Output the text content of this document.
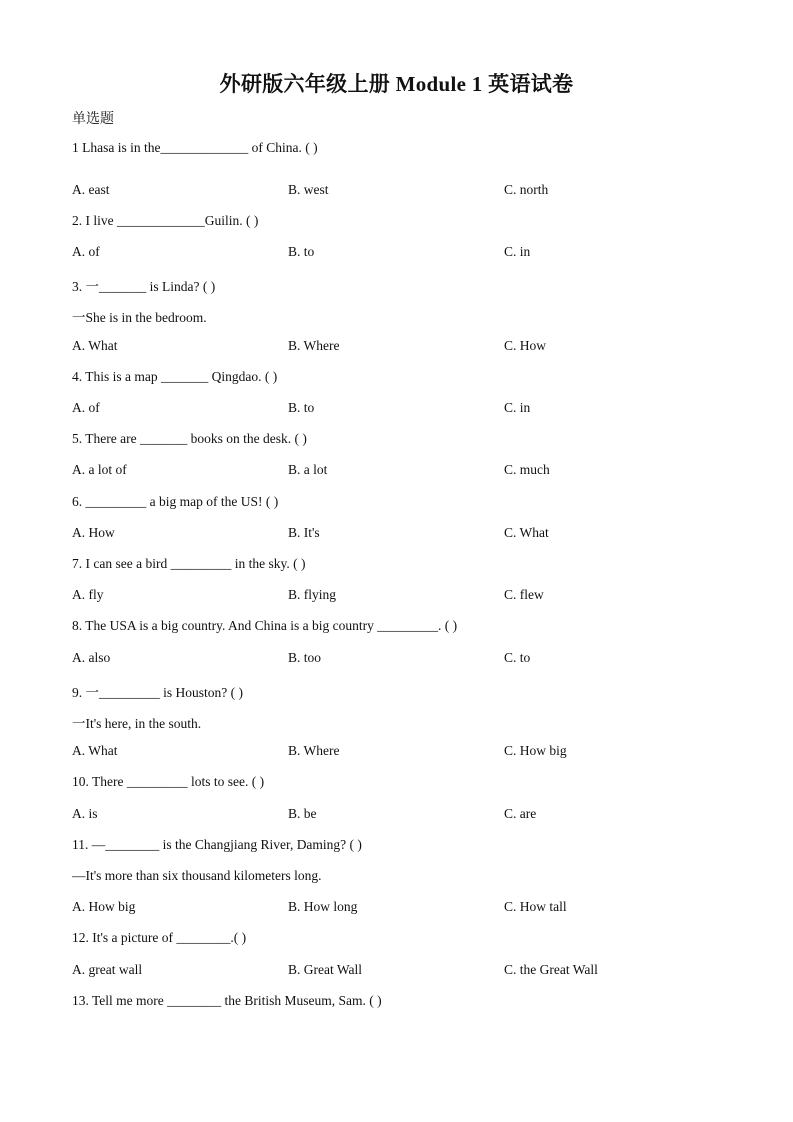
外研版六年级上册 Module 1 英语试卷
单选题
1 Lhasa is in the_____________ of China. ( )
A. east	B. west	C. north
2. I live _____________Guilin. ( )
A. of	B. to	C. in
3. 一_______ is Linda? ( )
一She is in the bedroom.
A. What	B. Where	C. How
4. This is a map _______ Qingdao. ( )
A. of	B. to	C. in
5. There are _______ books on the desk. ( )
A. a lot of	B. a lot	C. much
6. _________ a big map of the US! ( )
A. How	B. It's	C. What
7. I can see a bird _________ in the sky. ( )
A. fly	B. flying	C. flew
8. The USA is a big country. And China is a big country _________. ( )
A. also	B. too	C. to
9. 一_________ is Houston? ( )
一It's here, in the south.
A. What	B. Where	C. How big
10. There _________ lots to see. ( )
A. is	B. be	C. are
11. —________ is the Changjiang River, Daming? ( )
—It's more than six thousand kilometers long.
A. How big	B. How long	C. How tall
12. It's a picture of ________.( )
A. great wall	B. Great Wall	C. the Great Wall
13. Tell me more ________ the British Museum, Sam. ( )
